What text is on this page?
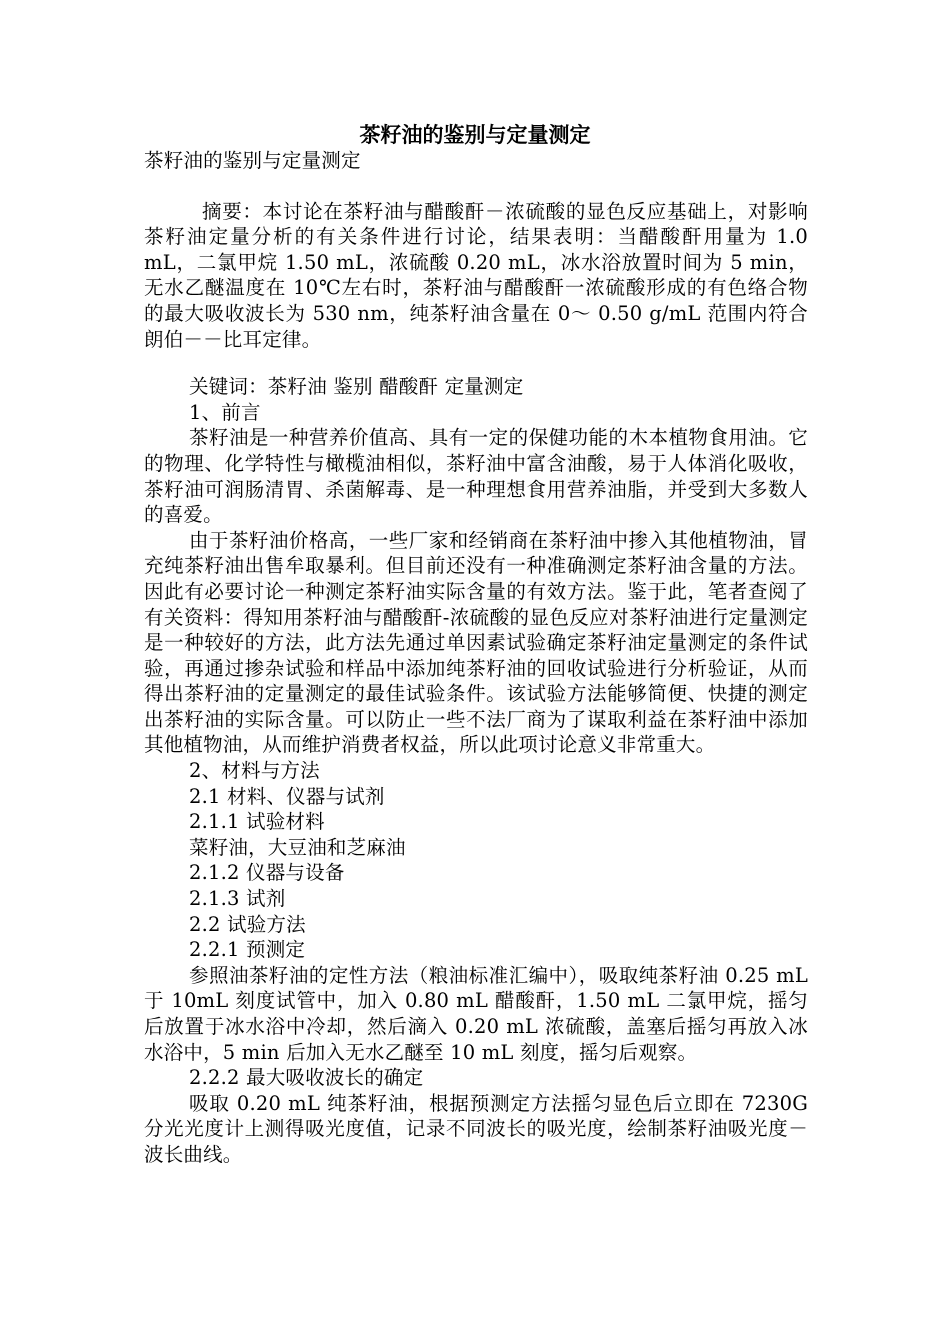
茶籽油的鉴别与定量测定

茶籽油的鉴别与定量测定

摘要：本讨论在茶籽油与醋酸酐－浓硫酸的显色反应基础上，对影响茶籽油定量分析的有关条件进行讨论，结果表明：当醋酸酐用量为 1.0 mL，二氯甲烷 1.50 mL，浓硫酸 0.20 mL，冰水浴放置时间为 5 min，无水乙醚温度在 10℃左右时，茶籽油与醋酸酐一浓硫酸形成的有色络合物的最大吸收波长为 530 nm，纯茶籽油含量在 0～ 0.50 g/mL 范围内符合朗伯－－比耳定律。

关键词：茶籽油 鉴别 醋酸酐 定量测定

1、前言

茶籽油是一种营养价值高、具有一定的保健功能的木本植物食用油。它的物理、化学特性与橄榄油相似，茶籽油中富含油酸，易于人体消化吸收，茶籽油可润肠清胃、杀菌解毒、是一种理想食用营养油脂，并受到大多数人的喜爱。

由于茶籽油价格高，一些厂家和经销商在茶籽油中掺入其他植物油，冒充纯茶籽油出售牟取暴利。但目前还没有一种准确测定茶籽油含量的方法。因此有必要讨论一种测定茶籽油实际含量的有效方法。鉴于此，笔者查阅了有关资料：得知用茶籽油与醋酸酐-浓硫酸的显色反应对茶籽油进行定量测定是一种较好的方法，此方法先通过单因素试验确定茶籽油定量测定的条件试验，再通过掺杂试验和样品中添加纯茶籽油的回收试验进行分析验证，从而得出茶籽油的定量测定的最佳试验条件。该试验方法能够简便、快捷的测定出茶籽油的实际含量。可以防止一些不法厂商为了谋取利益在茶籽油中添加其他植物油，从而维护消费者权益，所以此项讨论意义非常重大。

2、材料与方法

2.1 材料、仪器与试剂

2.1.1 试验材料

菜籽油，大豆油和芝麻油

2.1.2 仪器与设备

2.1.3 试剂

2.2 试验方法

2.2.1 预测定

参照油茶籽油的定性方法（粮油标准汇编中），吸取纯茶籽油 0.25 mL 于 10mL 刻度试管中，加入 0.80 mL 醋酸酐，1.50 mL 二氯甲烷，摇匀后放置于冰水浴中冷却，然后滴入 0.20 mL 浓硫酸，盖塞后摇匀再放入冰水浴中，5 min 后加入无水乙醚至 10 mL 刻度，摇匀后观察。

2.2.2 最大吸收波长的确定

吸取 0.20 mL 纯茶籽油，根据预测定方法摇匀显色后立即在 7230G 分光光度计上测得吸光度值，记录不同波长的吸光度，绘制茶籽油吸光度－波长曲线。
